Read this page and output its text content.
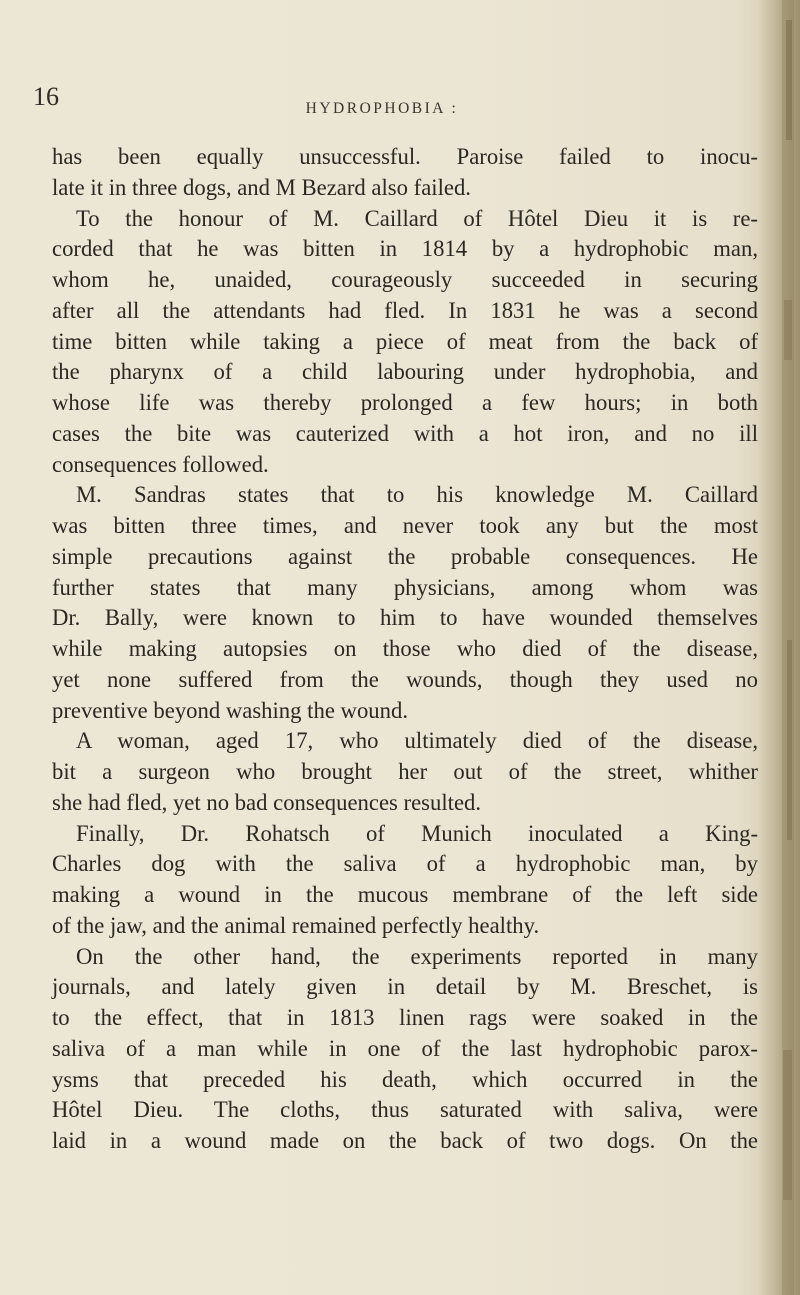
16	HYDROPHOBIA :
has been equally unsuccessful. Paroise failed to inocu-
late it in three dogs, and M Bezard also failed.
To the honour of M. Caillard of Hôtel Dieu it is re-
corded that he was bitten in 1814 by a hydrophobic man,
whom he, unaided, courageously succeeded in securing
after all the attendants had fled. In 1831 he was a second
time bitten while taking a piece of meat from the back of
the pharynx of a child labouring under hydrophobia, and
whose life was thereby prolonged a few hours; in both
cases the bite was cauterized with a hot iron, and no ill
consequences followed.
M. Sandras states that to his knowledge M. Caillard
was bitten three times, and never took any but the most
simple precautions against the probable consequences. He
further states that many physicians, among whom was
Dr. Bally, were known to him to have wounded themselves
while making autopsies on those who died of the disease,
yet none suffered from the wounds, though they used no
preventive beyond washing the wound.
A woman, aged 17, who ultimately died of the disease,
bit a surgeon who brought her out of the street, whither
she had fled, yet no bad consequences resulted.
Finally, Dr. Rohatsch of Munich inoculated a King-
Charles dog with the saliva of a hydrophobic man, by
making a wound in the mucous membrane of the left side
of the jaw, and the animal remained perfectly healthy.
On the other hand, the experiments reported in many
journals, and lately given in detail by M. Breschet, is
to the effect, that in 1813 linen rags were soaked in the
saliva of a man while in one of the last hydrophobic parox-
ysms that preceded his death, which occurred in the
Hôtel Dieu. The cloths, thus saturated with saliva, were
laid in a wound made on the back of two dogs. On the
